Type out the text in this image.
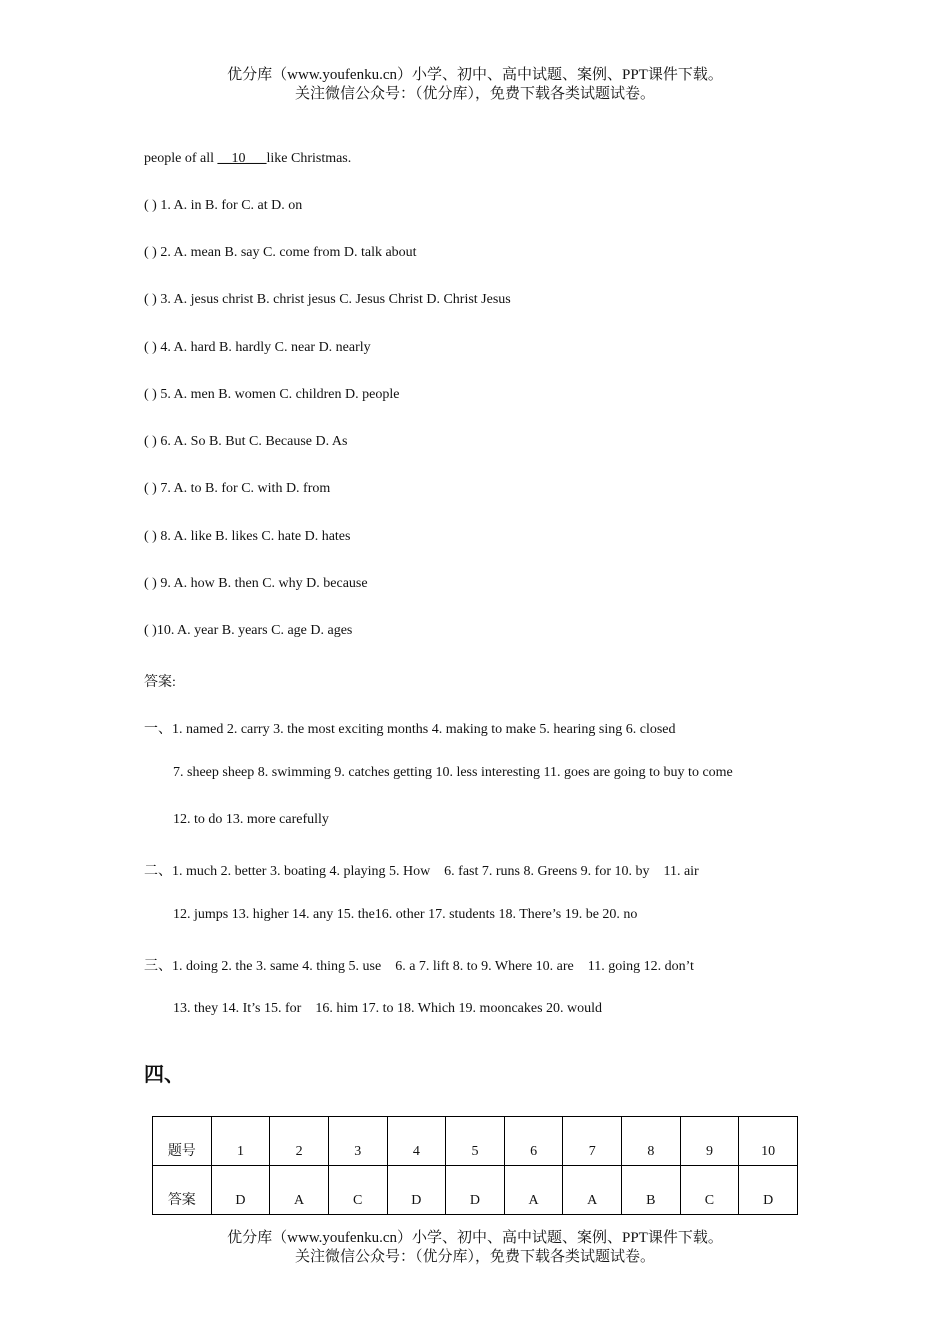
优分库（www.youfenku.cn）小学、初中、高中试题、案例、PPT课件下载。
关注微信公众号：（优分库），免费下载各类试题试卷。
people of all __10___like Christmas.
( ) 1. A. in B. for C. at D. on
( ) 2. A. mean B. say C. come from D. talk about
( ) 3. A. jesus christ B. christ jesus C. Jesus Christ D. Christ Jesus
( ) 4. A. hard B. hardly C. near D. nearly
( ) 5. A. men B. women C. children D. people
( ) 6. A. So B. But C. Because D. As
( ) 7. A. to B. for C. with D. from
( ) 8. A. like B. likes C. hate D. hates
( ) 9. A. how B. then C. why D. because
( )10. A. year B. years C. age D. ages
答案:
一、1. named 2. carry 3. the most exciting months 4. making to make 5. hearing sing 6. closed
7. sheep sheep 8. swimming 9. catches getting 10. less interesting 11. goes are going to buy to come
12. to do 13. more carefully
二、1. much 2. better 3. boating 4. playing 5. How    6. fast 7. runs 8. Greens 9. for 10. by    11. air
12. jumps 13. higher 14. any 15. the16. other 17. students 18. There’s 19. be 20. no
三、1. doing 2. the 3. same 4. thing 5. use    6. a 7. lift 8. to 9. Where 10. are    11. going 12. don’t
13. they 14. It’s 15. for    16. him 17. to 18. Which 19. mooncakes 20. would
四、
题号	1	2	3	4	5	6	7	8	9	10
答案	D	A	C	D	D	A	A	B	C	D
优分库（www.youfenku.cn）小学、初中、高中试题、案例、PPT课件下载。
关注微信公众号：（优分库），免费下载各类试题试卷。
